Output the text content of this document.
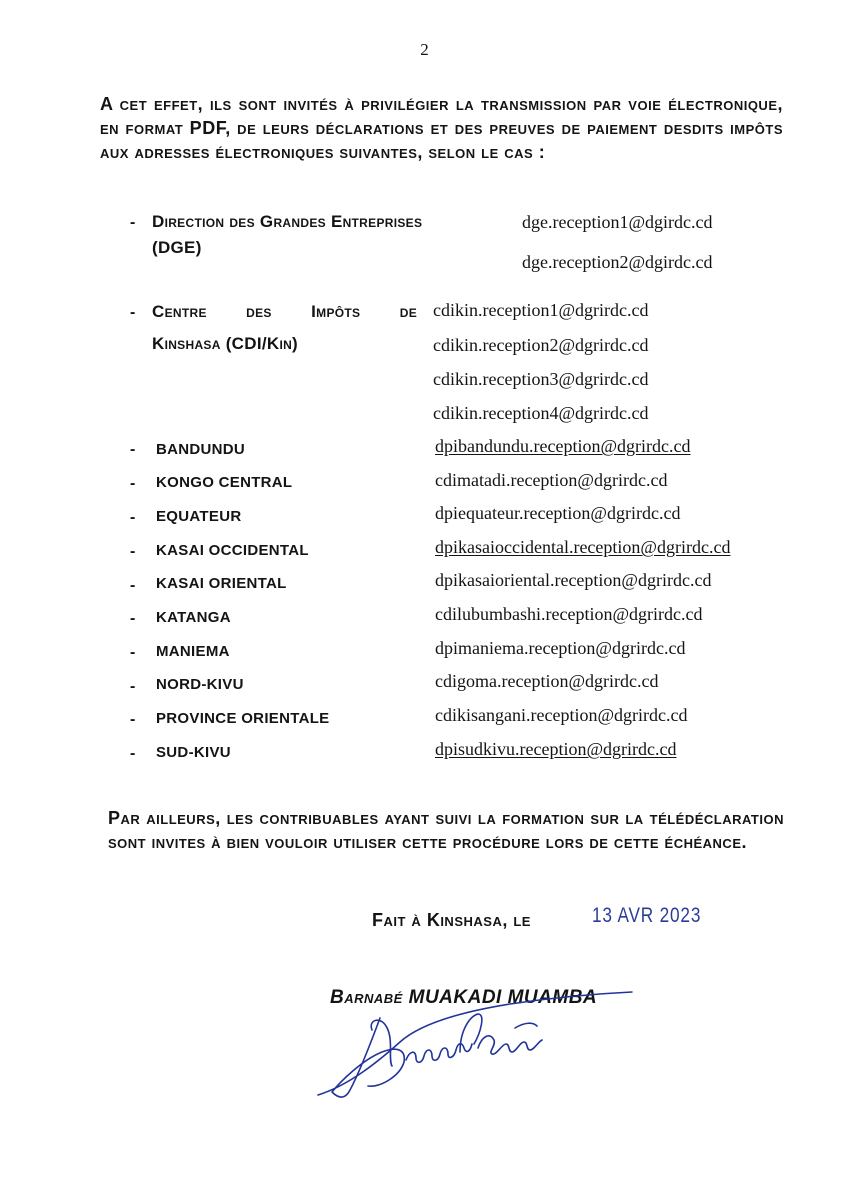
2
A cet effet, ils sont invités à privilégier la transmission par voie électronique, en format PDF, de leurs déclarations et des preuves de paiement desdits impôts aux adresses électroniques suivantes, selon le cas :
- Direction des Grandes Entreprises
(DGE)
dge.reception1@dgirdc.cd
dge.reception2@dgirdc.cd
- Centre des Impôts de
Kinshasa (CDI/Kin)
cdikin.reception1@dgrirdc.cd
cdikin.reception2@dgrirdc.cd
cdikin.reception3@dgrirdc.cd
cdikin.reception4@dgrirdc.cd
- BANDUNDU	dpibandundu.reception@dgrirdc.cd
- KONGO CENTRAL	cdimatadi.reception@dgrirdc.cd
- EQUATEUR	dpiequateur.reception@dgrirdc.cd
- KASAI OCCIDENTAL	dpikasaioccidental.reception@dgrirdc.cd
- KASAI ORIENTAL	dpikasaioriental.reception@dgrirdc.cd
- KATANGA	cdilubumbashi.reception@dgrirdc.cd
- MANIEMA	dpimaniema.reception@dgrirdc.cd
- NORD-KIVU	cdigoma.reception@dgrirdc.cd
- PROVINCE ORIENTALE	cdikisangani.reception@dgrirdc.cd
- SUD-KIVU	dpisudkivu.reception@dgrirdc.cd
Par ailleurs, les contribuables ayant suivi la formation sur la télédéclaration sont invites à bien vouloir utiliser cette procédure lors de cette échéance.
Fait à Kinshasa, le	13 AVR 2023
Barnabé MUAKADI MUAMBA
